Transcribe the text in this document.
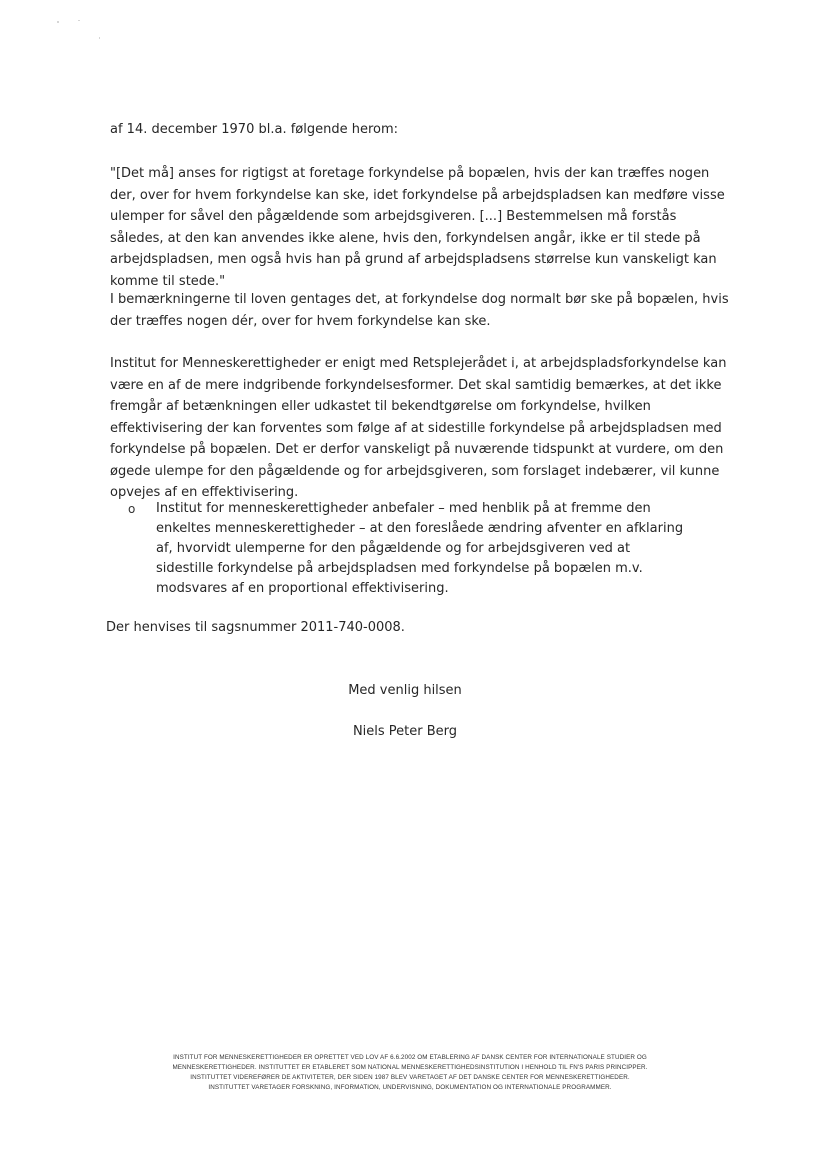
af 14. december 1970 bl.a. følgende herom:

"[Det må] anses for rigtigst at foretage forkyndelse på bopælen, hvis der kan træffes nogen der, over for hvem forkyndelse kan ske, idet forkyndelse på arbejdspladsen kan medføre visse ulemper for såvel den pågældende som arbejdsgiveren. [...] Bestemmelsen må forstås således, at den kan anvendes ikke alene, hvis den, forkyndelsen angår, ikke er til stede på arbejdspladsen, men også hvis han på grund af arbejdspladsens størrelse kun vanskeligt kan komme til stede."

I bemærkningerne til loven gentages det, at forkyndelse dog normalt bør ske på bopælen, hvis der træffes nogen dér, over for hvem forkyndelse kan ske.

Institut for Menneskerettigheder er enigt med Retsplejerådet i, at arbejdspladsforkyndelse kan være en af de mere indgribende forkyndelsesformer. Det skal samtidig bemærkes, at det ikke fremgår af betænkningen eller udkastet til bekendtgørelse om forkyndelse, hvilken effektivisering der kan forventes som følge af at sidestille forkyndelse på arbejdspladsen med forkyndelse på bopælen. Det er derfor vanskeligt på nuværende tidspunkt at vurdere, om den øgede ulempe for den pågældende og for arbejdsgiveren, som forslaget indebærer, vil kunne opvejes af en effektivisering.

o Institut for menneskerettigheder anbefaler – med henblik på at fremme den enkeltes menneskerettigheder – at den foreslåede ændring afventer en afklaring af, hvorvidt ulemperne for den pågældende og for arbejdsgiveren ved at sidestille forkyndelse på arbejdspladsen med forkyndelse på bopælen m.v. modsvares af en proportional effektivisering.

Der henvises til sagsnummer 2011-740-0008.

Med venlig hilsen
Niels Peter Berg
INSTITUT FOR MENNESKERETTIGHEDER ER OPRETTET VED LOV AF 6.6.2002 OM ETABLERING AF DANSK CENTER FOR INTERNATIONALE STUDIER OG
MENNESKERETTIGHEDER. INSTITUTTET ER ETABLERET SOM NATIONAL MENNESKERETTIGHEDSINSTITUTION I HENHOLD TIL FN'S PARIS PRINCIPPER.
INSTITUTTET VIDEREFØRER DE AKTIVITETER, DER SIDEN 1987 BLEV VARETAGET AF DET DANSKE CENTER FOR MENNESKERETTIGHEDER.
INSTITUTTET VARETAGER FORSKNING, INFORMATION, UNDERVISNING, DOKUMENTATION OG INTERNATIONALE PROGRAMMER.
